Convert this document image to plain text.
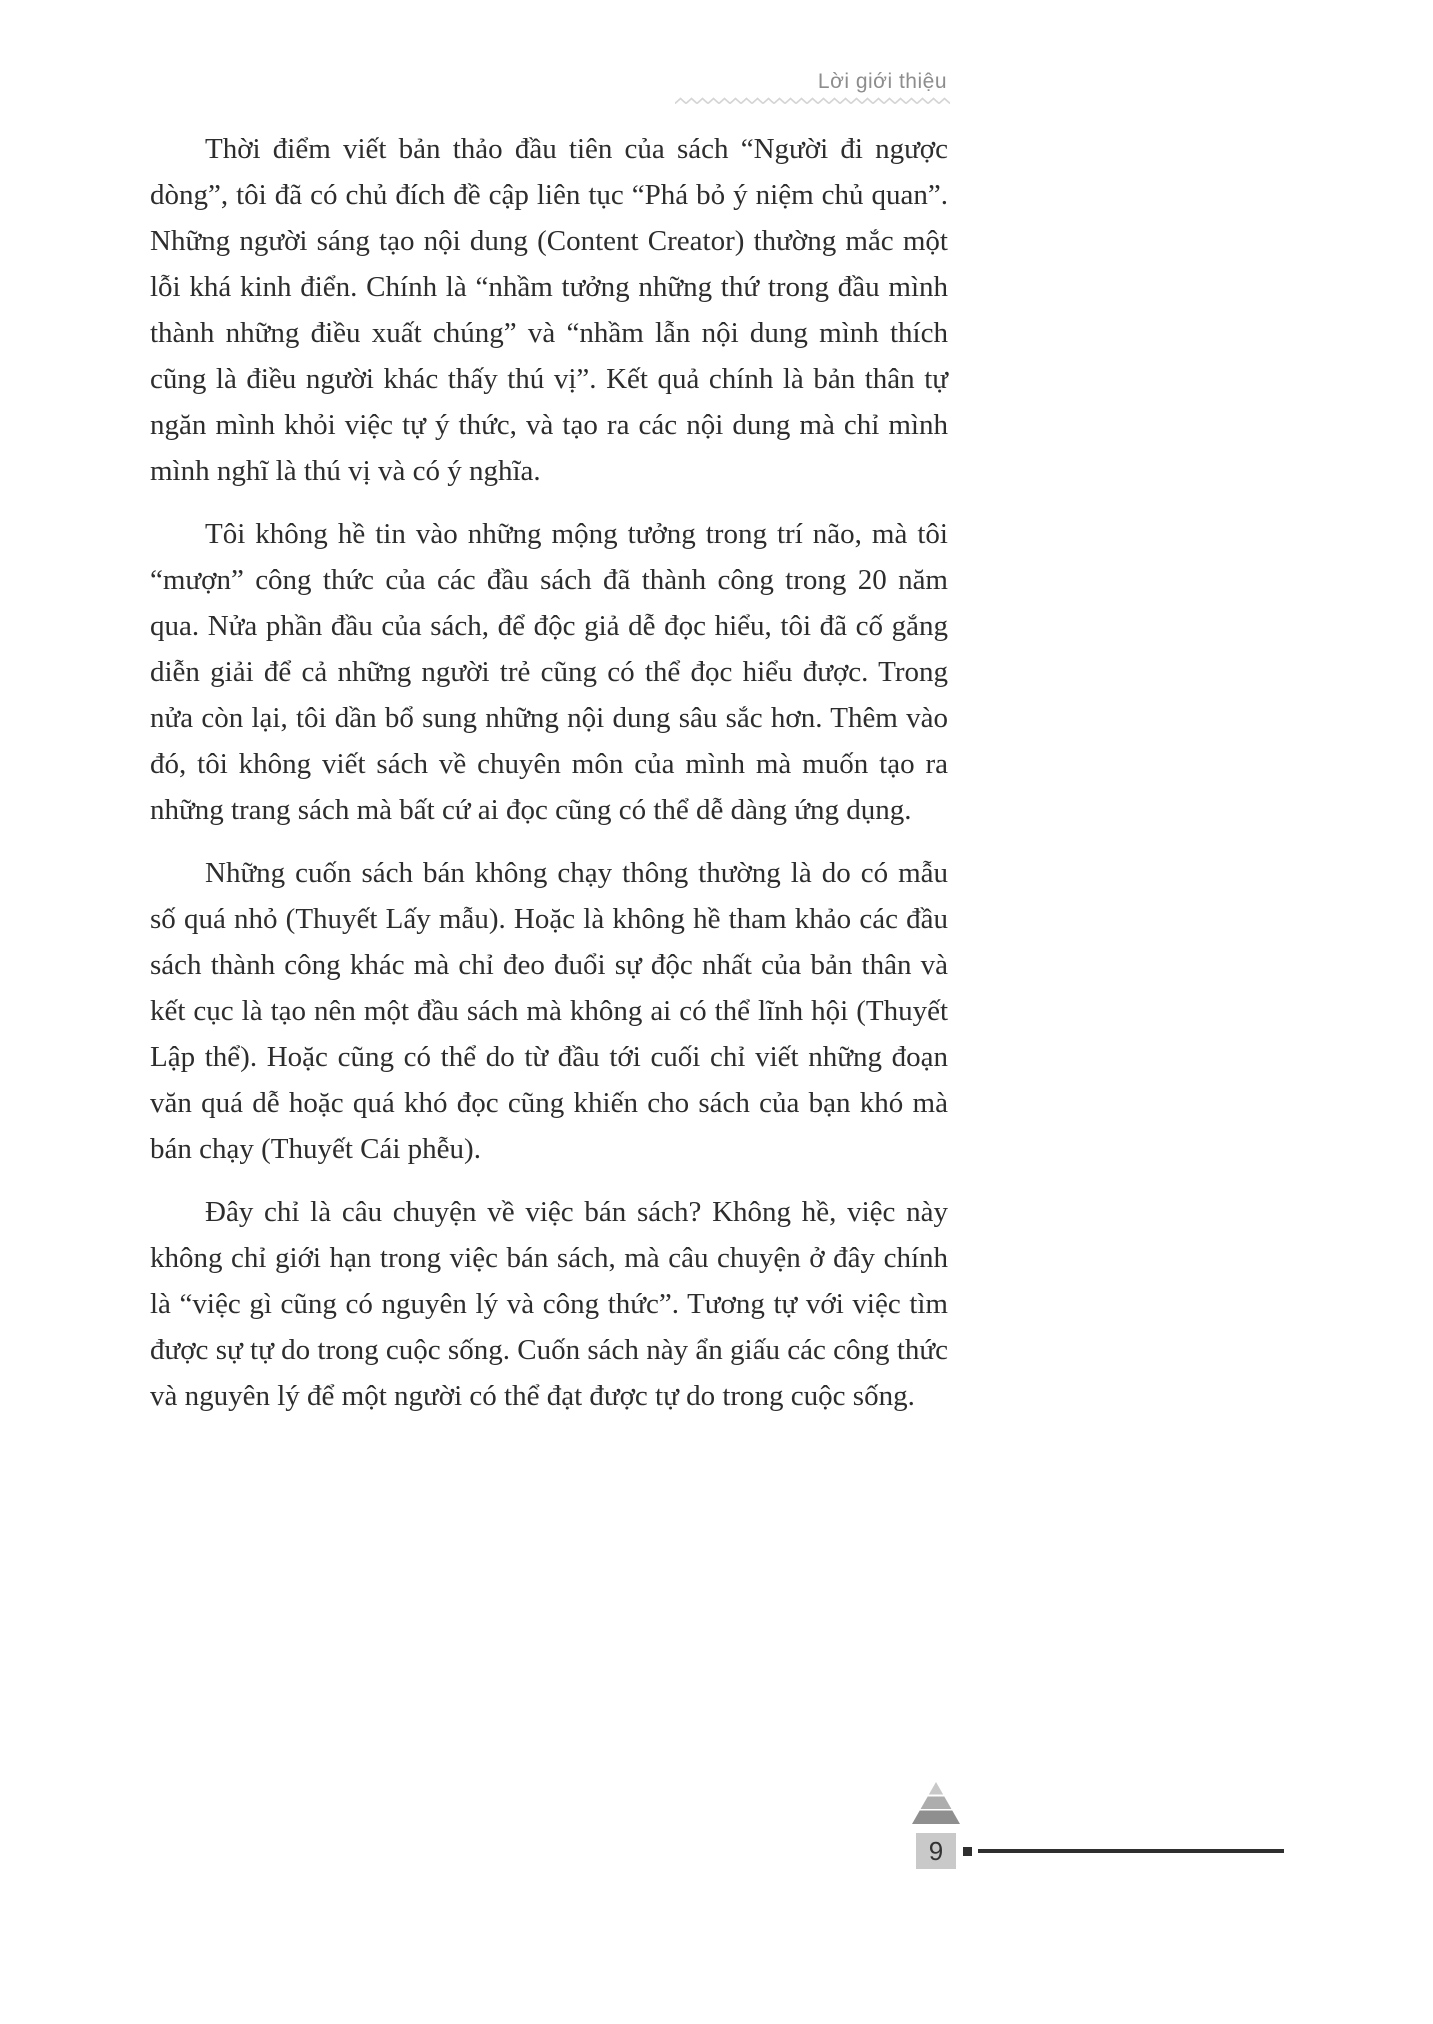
Lời giới thiệu

Thời điểm viết bản thảo đầu tiên của sách “Người đi ngược dòng”, tôi đã có chủ đích đề cập liên tục “Phá bỏ ý niệm chủ quan”. Những người sáng tạo nội dung (Content Creator) thường mắc một lỗi khá kinh điển. Chính là “nhầm tưởng những thứ trong đầu mình thành những điều xuất chúng” và “nhầm lẫn nội dung mình thích cũng là điều người khác thấy thú vị”. Kết quả chính là bản thân tự ngăn mình khỏi việc tự ý thức, và tạo ra các nội dung mà chỉ mình mình nghĩ là thú vị và có ý nghĩa.

Tôi không hề tin vào những mộng tưởng trong trí não, mà tôi “mượn” công thức của các đầu sách đã thành công trong 20 năm qua. Nửa phần đầu của sách, để độc giả dễ đọc hiểu, tôi đã cố gắng diễn giải để cả những người trẻ cũng có thể đọc hiểu được. Trong nửa còn lại, tôi dần bổ sung những nội dung sâu sắc hơn. Thêm vào đó, tôi không viết sách về chuyên môn của mình mà muốn tạo ra những trang sách mà bất cứ ai đọc cũng có thể dễ dàng ứng dụng.

Những cuốn sách bán không chạy thông thường là do có mẫu số quá nhỏ (Thuyết Lấy mẫu). Hoặc là không hề tham khảo các đầu sách thành công khác mà chỉ đeo đuổi sự độc nhất của bản thân và kết cục là tạo nên một đầu sách mà không ai có thể lĩnh hội (Thuyết Lập thể). Hoặc cũng có thể do từ đầu tới cuối chỉ viết những đoạn văn quá dễ hoặc quá khó đọc cũng khiến cho sách của bạn khó mà bán chạy (Thuyết Cái phễu).

Đây chỉ là câu chuyện về việc bán sách? Không hề, việc này không chỉ giới hạn trong việc bán sách, mà câu chuyện ở đây chính là “việc gì cũng có nguyên lý và công thức”. Tương tự với việc tìm được sự tự do trong cuộc sống. Cuốn sách này ẩn giấu các công thức và nguyên lý để một người có thể đạt được tự do trong cuộc sống.

9
